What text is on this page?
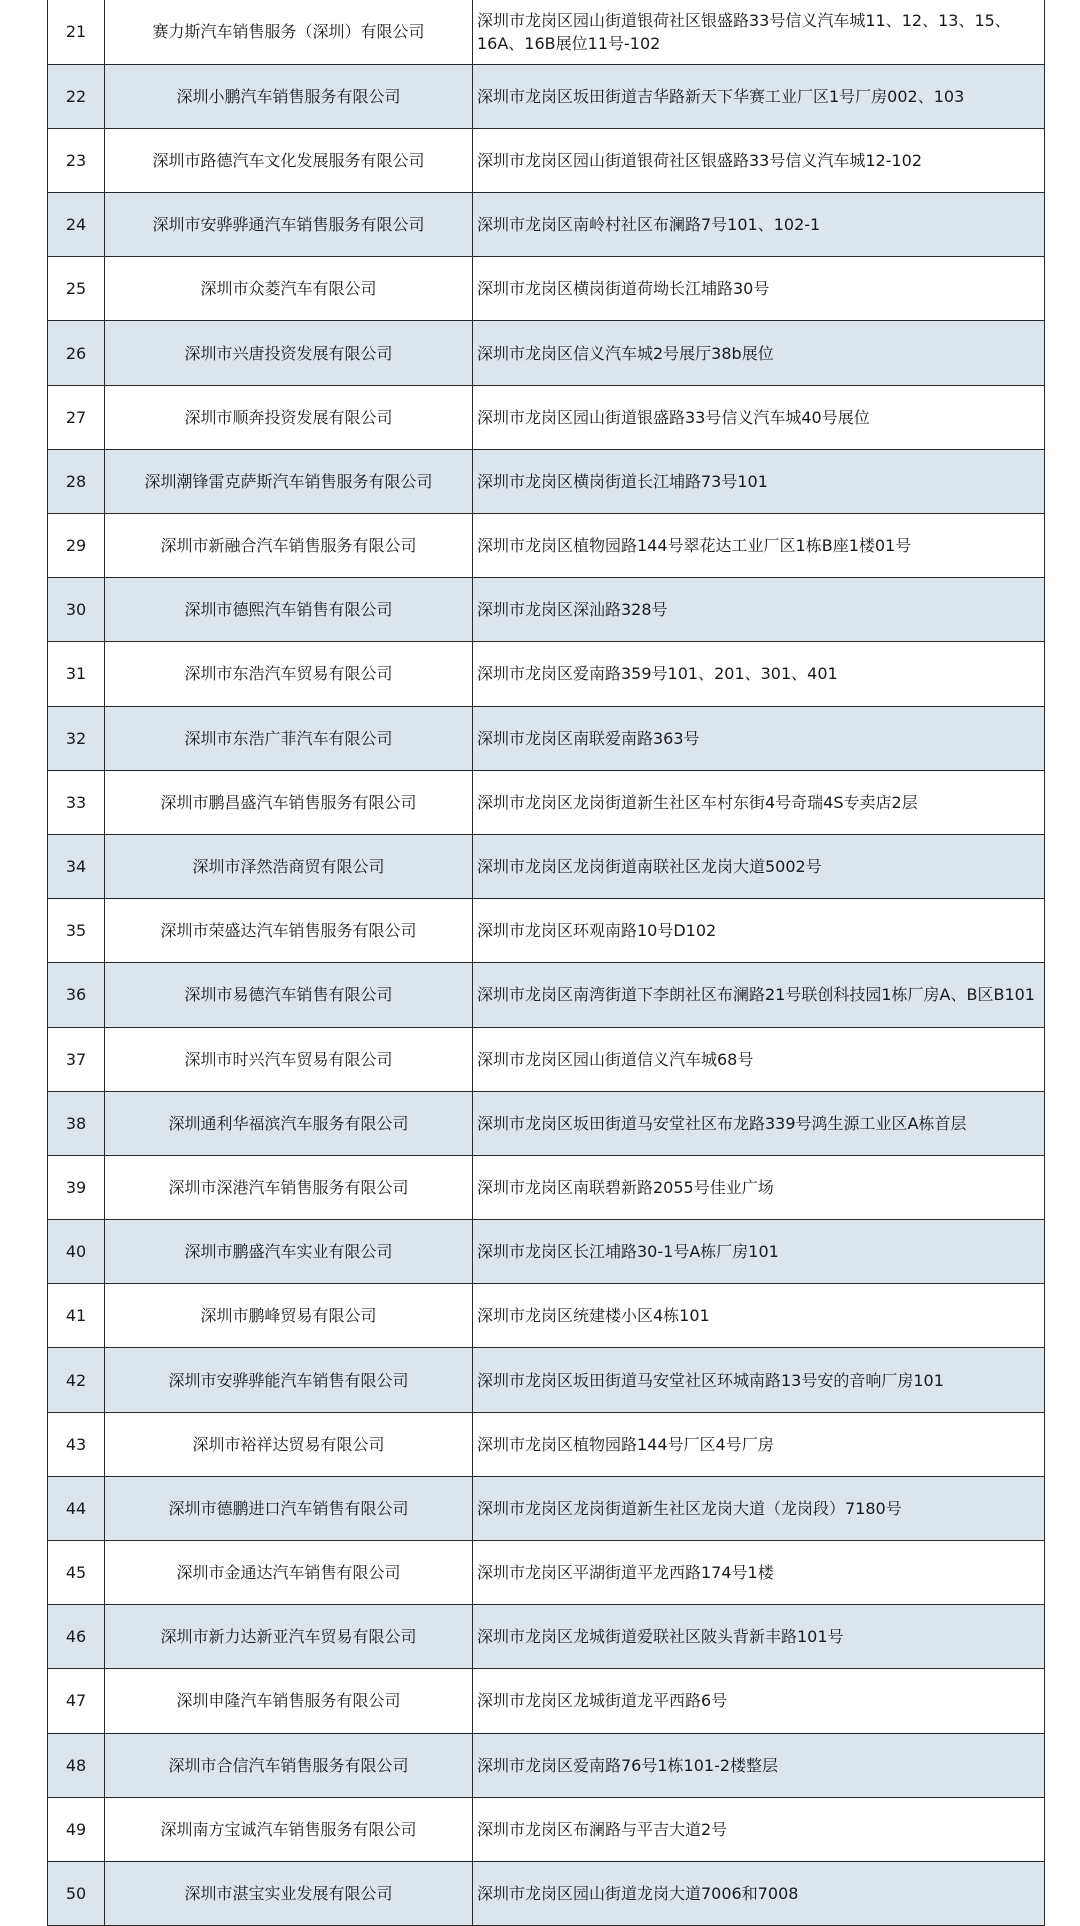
21	赛力斯汽车销售服务（深圳）有限公司	深圳市龙岗区园山街道银荷社区银盛路33号信义汽车城11、12、13、15、16A、16B展位11号-102
22	深圳小鹏汽车销售服务有限公司	深圳市龙岗区坂田街道吉华路新天下华赛工业厂区1号厂房002、103
23	深圳市路德汽车文化发展服务有限公司	深圳市龙岗区园山街道银荷社区银盛路33号信义汽车城12-102
24	深圳市安骅骅通汽车销售服务有限公司	深圳市龙岗区南岭村社区布澜路7号101、102-1
25	深圳市众菱汽车有限公司	深圳市龙岗区横岗街道荷坳长江埔路30号
26	深圳市兴唐投资发展有限公司	深圳市龙岗区信义汽车城2号展厅38b展位
27	深圳市顺奔投资发展有限公司	深圳市龙岗区园山街道银盛路33号信义汽车城40号展位
28	深圳潮锋雷克萨斯汽车销售服务有限公司	深圳市龙岗区横岗街道长江埔路73号101
29	深圳市新融合汽车销售服务有限公司	深圳市龙岗区植物园路144号翠花达工业厂区1栋B座1楼01号
30	深圳市德熙汽车销售有限公司	深圳市龙岗区深汕路328号
31	深圳市东浩汽车贸易有限公司	深圳市龙岗区爱南路359号101、201、301、401
32	深圳市东浩广菲汽车有限公司	深圳市龙岗区南联爱南路363号
33	深圳市鹏昌盛汽车销售服务有限公司	深圳市龙岗区龙岗街道新生社区车村东街4号奇瑞4S专卖店2层
34	深圳市泽然浩商贸有限公司	深圳市龙岗区龙岗街道南联社区龙岗大道5002号
35	深圳市荣盛达汽车销售服务有限公司	深圳市龙岗区环观南路10号D102
36	深圳市易德汽车销售有限公司	深圳市龙岗区南湾街道下李朗社区布澜路21号联创科技园1栋厂房A、B区B101
37	深圳市时兴汽车贸易有限公司	深圳市龙岗区园山街道信义汽车城68号
38	深圳通利华福滨汽车服务有限公司	深圳市龙岗区坂田街道马安堂社区布龙路339号鸿生源工业区A栋首层
39	深圳市深港汽车销售服务有限公司	深圳市龙岗区南联碧新路2055号佳业广场
40	深圳市鹏盛汽车实业有限公司	深圳市龙岗区长江埔路30-1号A栋厂房101
41	深圳市鹏峰贸易有限公司	深圳市龙岗区统建楼小区4栋101
42	深圳市安骅骅能汽车销售有限公司	深圳市龙岗区坂田街道马安堂社区环城南路13号安的音响厂房101
43	深圳市裕祥达贸易有限公司	深圳市龙岗区植物园路144号厂区4号厂房
44	深圳市德鹏进口汽车销售有限公司	深圳市龙岗区龙岗街道新生社区龙岗大道（龙岗段）7180号
45	深圳市金通达汽车销售有限公司	深圳市龙岗区平湖街道平龙西路174号1楼
46	深圳市新力达新亚汽车贸易有限公司	深圳市龙岗区龙城街道爱联社区陂头背新丰路101号
47	深圳申隆汽车销售服务有限公司	深圳市龙岗区龙城街道龙平西路6号
48	深圳市合信汽车销售服务有限公司	深圳市龙岗区爱南路76号1栋101-2楼整层
49	深圳南方宝诚汽车销售服务有限公司	深圳市龙岗区布澜路与平吉大道2号
50	深圳市湛宝实业发展有限公司	深圳市龙岗区园山街道龙岗大道7006和7008
